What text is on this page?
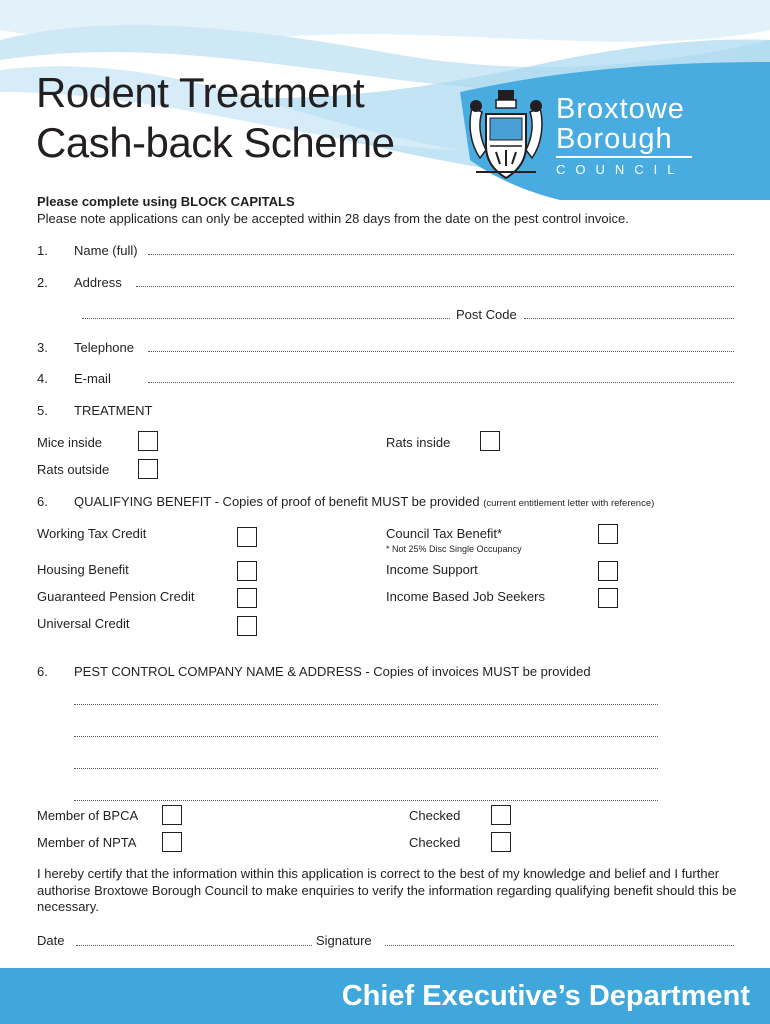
Rodent Treatment
Cash-back Scheme
Broxtowe
Borough
COUNCIL
Please complete using BLOCK CAPITALS
Please note applications can only be accepted within 28 days from the date on the pest control invoice.
1. Name (full)
2. Address
Post Code
3. Telephone
4. E-mail
5. TREATMENT
Mice inside	Rats inside
Rats outside
6. QUALIFYING BENEFIT - Copies of proof of benefit MUST be provided (current entitlement letter with reference)
Working Tax Credit	Council Tax Benefit*
* Not 25% Disc Single Occupancy
Housing Benefit	Income Support
Guaranteed Pension Credit	Income Based Job Seekers
Universal Credit
6. PEST CONTROL COMPANY NAME & ADDRESS - Copies of invoices MUST be provided
Member of BPCA	Checked
Member of NPTA	Checked

I hereby certify that the information within this application is correct to the best of my knowledge and belief and I further authorise Broxtowe Borough Council to make enquiries to verify the information regarding qualifying benefit should this be necessary.

Date	Signature
Chief Executive’s Department
